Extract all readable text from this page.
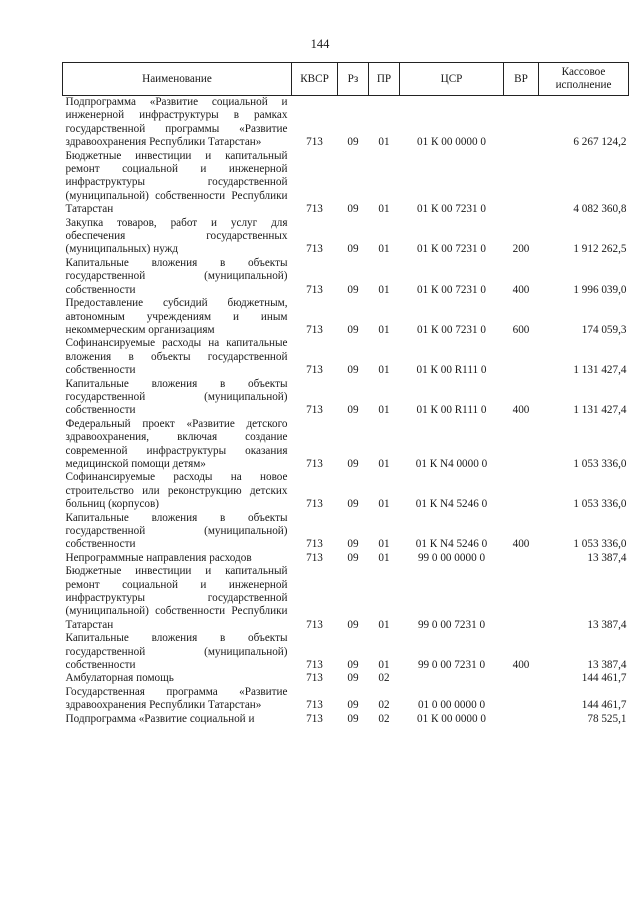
144
Наименование	КВСР	Рз	ПР	ЦСР	ВР	Кассовое исполнение
Подпрограмма «Развитие социальной и инженерной инфраструктуры в рамках государственной программы «Развитие здравоохранения Республики Татарстан»	713	09	01	01 К 00 0000 0		6 267 124,2
Бюджетные инвестиции и капитальный ремонт социальной и инженерной инфраструктуры государственной (муниципальной) собственности Республики Татарстан	713	09	01	01 К 00 7231 0		4 082 360,8
Закупка товаров, работ и услуг для обеспечения государственных (муниципальных) нужд	713	09	01	01 К 00 7231 0	200	1 912 262,5
Капитальные вложения в объекты государственной (муниципальной) собственности	713	09	01	01 К 00 7231 0	400	1 996 039,0
Предоставление субсидий бюджетным, автономным учреждениям и иным некоммерческим организациям	713	09	01	01 К 00 7231 0	600	174 059,3
Софинансируемые расходы на капитальные вложения в объекты государственной собственности	713	09	01	01 К 00 R111 0		1 131 427,4
Капитальные вложения в объекты государственной (муниципальной) собственности	713	09	01	01 К 00 R111 0	400	1 131 427,4
Федеральный проект «Развитие детского здравоохранения, включая создание современной инфраструктуры оказания медицинской помощи детям»	713	09	01	01 К N4 0000 0		1 053 336,0
Софинансируемые расходы на новое строительство или реконструкцию детских больниц (корпусов)	713	09	01	01 К N4 5246 0		1 053 336,0
Капитальные вложения в объекты государственной (муниципальной) собственности	713	09	01	01 К N4 5246 0	400	1 053 336,0
Непрограммные направления расходов	713	09	01	99 0 00 0000 0		13 387,4
Бюджетные инвестиции и капитальный ремонт социальной и инженерной инфраструктуры государственной (муниципальной) собственности Республики Татарстан	713	09	01	99 0 00 7231 0		13 387,4
Капитальные вложения в объекты государственной (муниципальной) собственности	713	09	01	99 0 00 7231 0	400	13 387,4
Амбулаторная помощь	713	09	02			144 461,7
Государственная программа «Развитие здравоохранения Республики Татарстан»	713	09	02	01 0 00 0000 0		144 461,7
Подпрограмма «Развитие социальной и	713	09	02	01 К 00 0000 0		78 525,1
